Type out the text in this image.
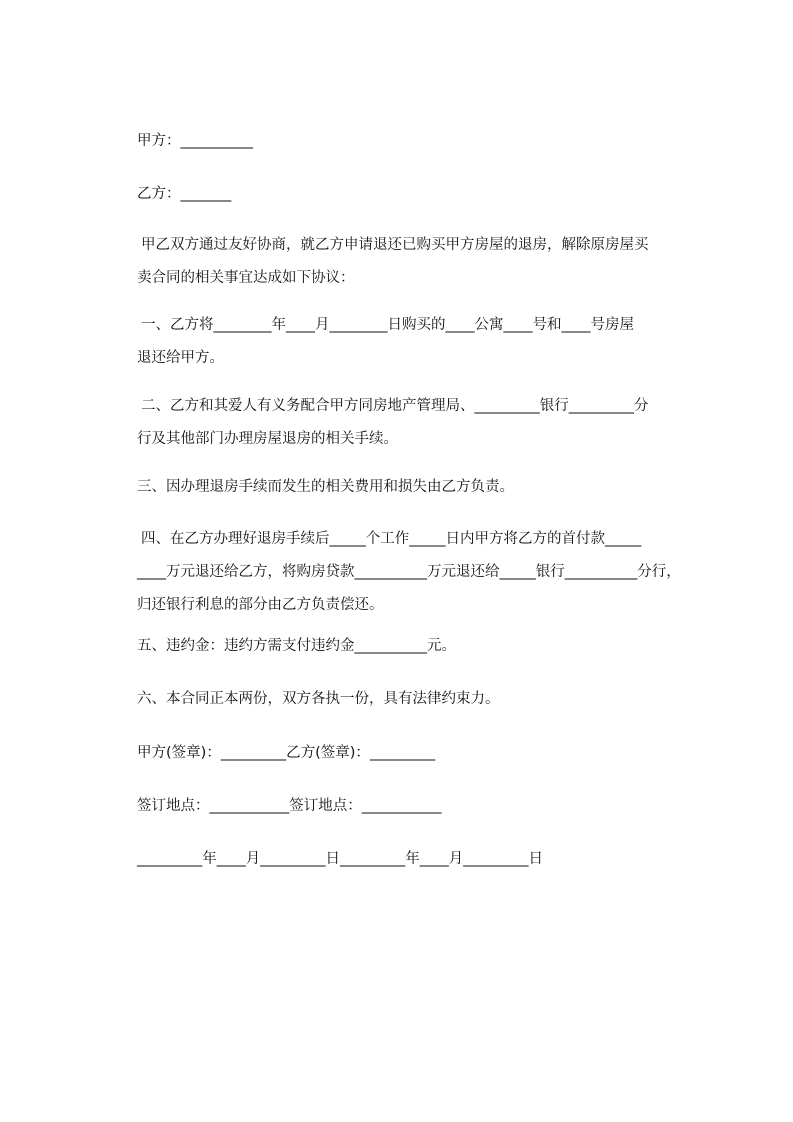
甲方：__________
乙方：_______

甲乙双方通过友好协商，就乙方申请退还已购买甲方房屋的退房，解除原房屋买

卖合同的相关事宜达成如下协议：

一、乙方将________年____月________日购买的____公寓____号和____号房屋

退还给甲方。

二、乙方和其爱人有义务配合甲方同房地产管理局、_________银行_________分

行及其他部门办理房屋退房的相关手续。

三、因办理退房手续而发生的相关费用和损失由乙方负责。

四、在乙方办理好退房手续后_____个工作_____日内甲方将乙方的首付款_____

____万元退还给乙方，将购房贷款__________万元退还给_____银行__________分行，

归还银行利息的部分由乙方负责偿还。

五、违约金：违约方需支付违约金__________元。
六、本合同正本两份，双方各执一份，具有法律约束力。
甲方(签章)：_________乙方(签章)：_________
签订地点：___________签订地点：___________
_________年____月_________日_________年____月_________日
